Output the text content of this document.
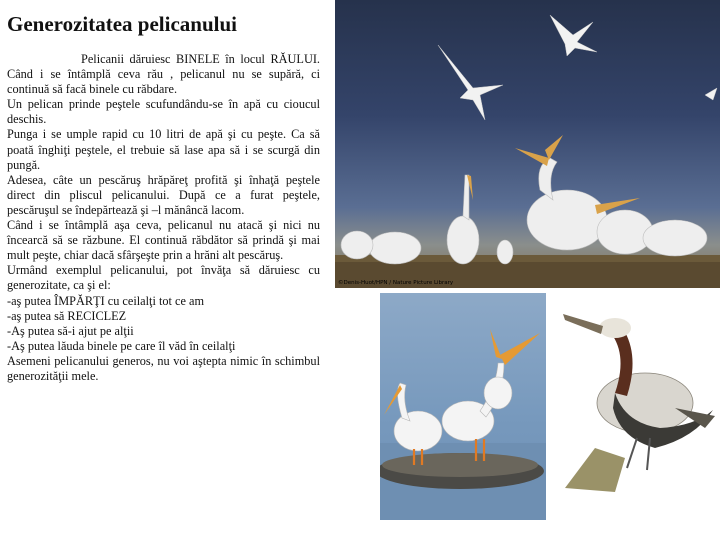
Generozitatea pelicanului

Pelicanii dăruiesc BINELE în locul RĂULUI. Când i se întâmplă ceva rău , pelicanul nu se supără, ci continuă să facă binele cu răbdare.

Un pelican prinde peştele scufundându-se în apă cu cioucul deschis.

Punga i se umple rapid cu 10 litri de apă şi cu peşte. Ca să poată înghiţi peştele, el trebuie să lase apa să i se scurgă din pungă.

Adesea, câte un pescăruş hrăpăreţ profită şi înhaţă peştele direct din pliscul pelicanului. După ce a furat peştele, pescăruşul se îndepărtează şi –l mănâncă lacom.

Când i se întâmplă aşa ceva, pelicanul nu atacă şi nici nu încearcă să se răzbune. El continuă răbdător să prindă şi mai mult peşte, chiar dacă sfârşeşte prin a hrăni alt pescăruş.

Urmând exemplul pelicanului, pot învăţa să dăruiesc cu generozitate, ca şi el:

-aş putea ÎMPĂRŢI cu ceilalţi tot ce am

-aş putea să RECICLEZ

-Aş putea să-i ajut pe alţii

-Aş putea lăuda binele pe care îl văd în ceilalţi

Asemeni pelicanului generos, nu voi aştepta nimic în schimbul generozităţii mele.

©Denis-Huot/HPN / Nature Picture Library
